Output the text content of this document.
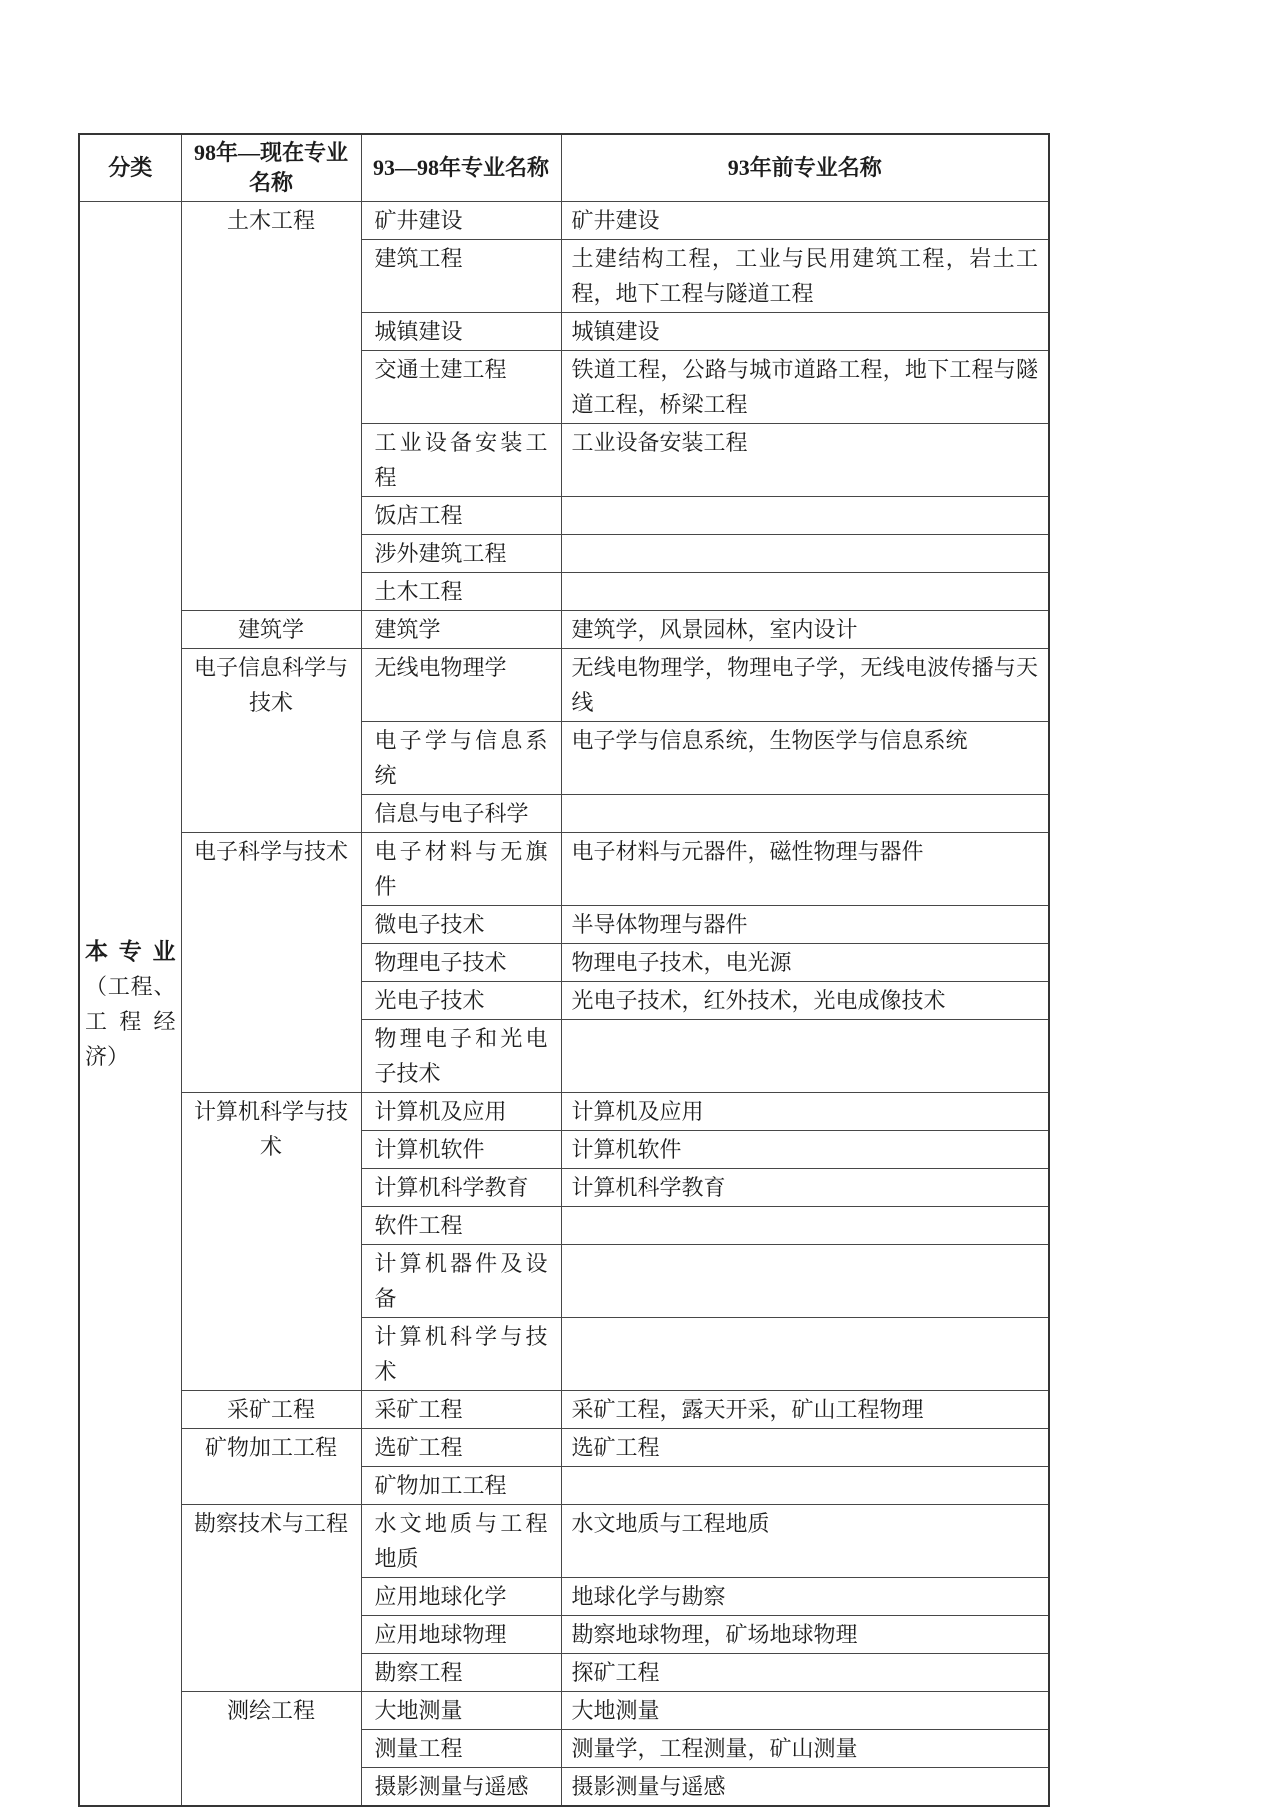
分类	98年—现在专业名称	93—98年专业名称	93年前专业名称

本专业
（工程、工程经济）	土木工程	矿井建设	矿井建设
		建筑工程	土建结构工程，工业与民用建筑工程，岩土工程，地下工程与隧道工程
		城镇建设	城镇建设
		交通土建工程	铁道工程，公路与城市道路工程，地下工程与隧道工程，桥梁工程
		工业设备安装工程	工业设备安装工程
		饭店工程	
		涉外建筑工程	
		土木工程	
	建筑学	建筑学	建筑学，风景园林，室内设计
	电子信息科学与技术	无线电物理学	无线电物理学，物理电子学，无线电波传播与天线
		电子学与信息系统	电子学与信息系统，生物医学与信息系统
		信息与电子科学	
	电子科学与技术	电子材料与无旗件	电子材料与元器件，磁性物理与器件
		微电子技术	半导体物理与器件
		物理电子技术	物理电子技术，电光源
		光电子技术	光电子技术，红外技术，光电成像技术
		物理电子和光电子技术	
	计算机科学与技术	计算机及应用	计算机及应用
		计算机软件	计算机软件
		计算机科学教育	计算机科学教育
		软件工程	
		计算机器件及设备	
		计算机科学与技术	
	采矿工程	采矿工程	采矿工程，露天开采，矿山工程物理
	矿物加工工程	选矿工程	选矿工程
		矿物加工工程	
	勘察技术与工程	水文地质与工程地质	水文地质与工程地质
		应用地球化学	地球化学与勘察
		应用地球物理	勘察地球物理，矿场地球物理
		勘察工程	探矿工程
	测绘工程	大地测量	大地测量
		测量工程	测量学，工程测量，矿山测量
		摄影测量与遥感	摄影测量与遥感
